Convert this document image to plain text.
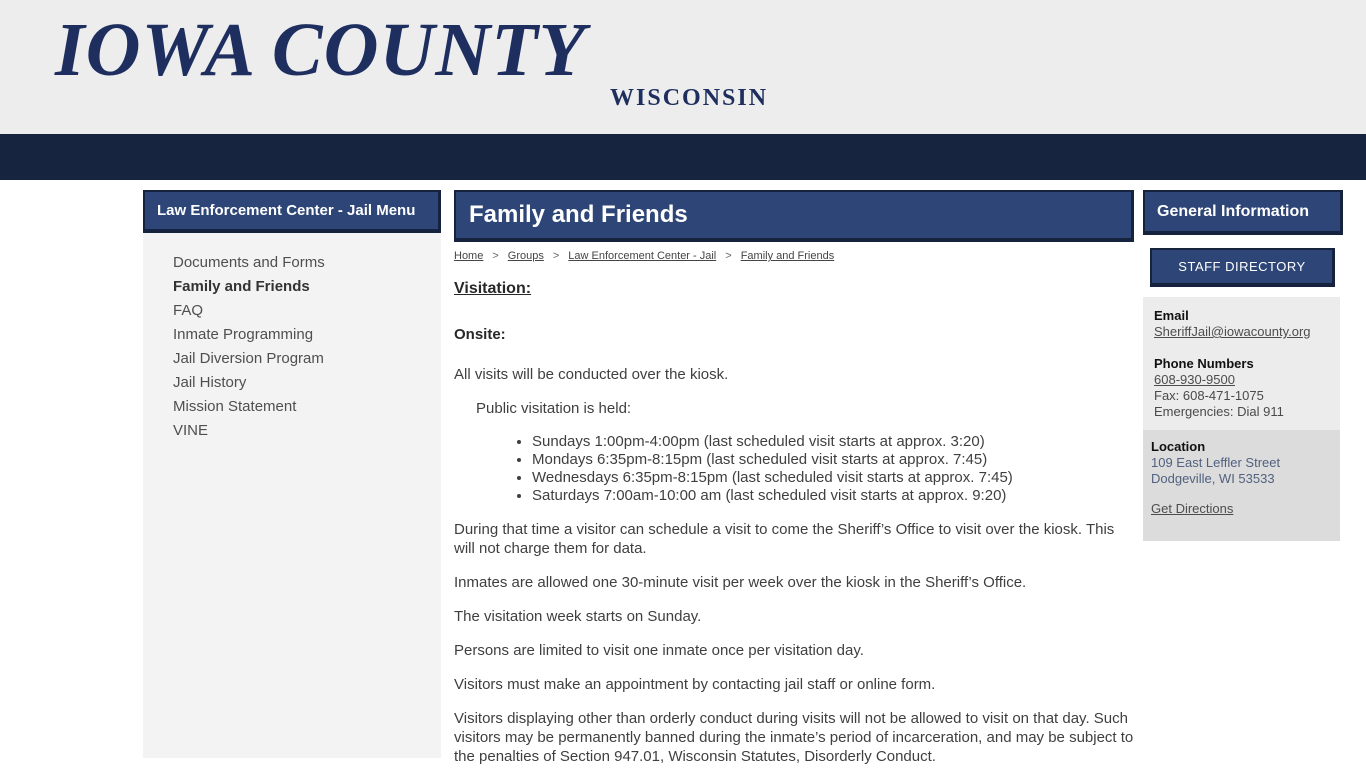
IOWA COUNTY
WISCONSIN
Law Enforcement Center - Jail Menu
Documents and Forms
Family and Friends
FAQ
Inmate Programming
Jail Diversion Program
Jail History
Mission Statement
VINE
Family and Friends
Home > Groups > Law Enforcement Center - Jail > Family and Friends
Visitation:
Onsite:

All visits will be conducted over the kiosk.

Public visitation is held:

• Sundays 1:00pm-4:00pm (last scheduled visit starts at approx. 3:20)
• Mondays 6:35pm-8:15pm (last scheduled visit starts at approx. 7:45)
• Wednesdays 6:35pm-8:15pm (last scheduled visit starts at approx. 7:45)
• Saturdays 7:00am-10:00 am (last scheduled visit starts at approx. 9:20)

During that time a visitor can schedule a visit to come the Sheriff’s Office to visit over the kiosk. This will not charge them for data.

Inmates are allowed one 30-minute visit per week over the kiosk in the Sheriff’s Office.

The visitation week starts on Sunday.

Persons are limited to visit one inmate once per visitation day.

Visitors must make an appointment by contacting jail staff or online form.

Visitors displaying other than orderly conduct during visits will not be allowed to visit on that day. Such visitors may be permanently banned during the inmate’s period of incarceration, and may be subject to the penalties of Section 947.01, Wisconsin Statutes, Disorderly Conduct.

General Information
STAFF DIRECTORY
Email
SheriffJail@iowacounty.org
Phone Numbers
608-930-9500
Fax: 608-471-1075
Emergencies: Dial 911
Location
109 East Leffler Street
Dodgeville, WI 53533
Get Directions
